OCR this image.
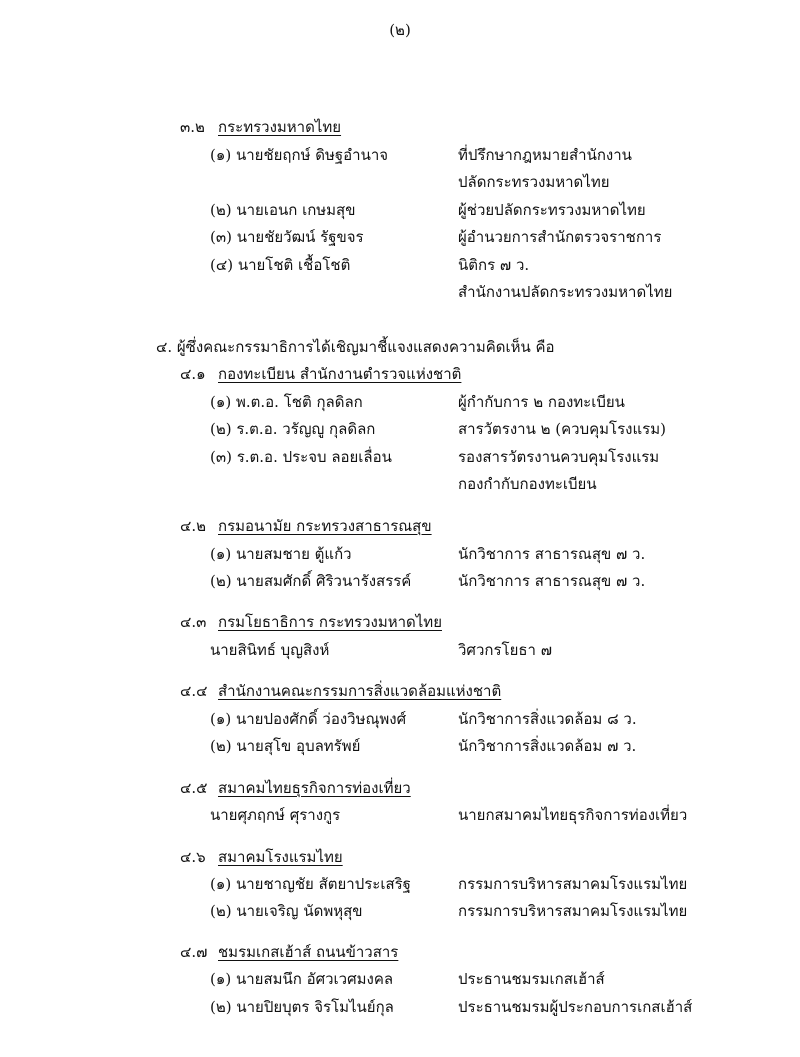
(๒)
๓.๒ กระทรวงมหาดไทย
(๑) นายชัยฤกษ์ ดิษฐอำนาจ	ที่ปรึกษากฎหมายสำนักงาน
ปลัดกระทรวงมหาดไทย
(๒) นายเอนก เกษมสุข	ผู้ช่วยปลัดกระทรวงมหาดไทย
(๓) นายชัยวัฒน์ รัฐขจร	ผู้อำนวยการสำนักตรวจราชการ
(๔) นายโชติ เชื้อโชติ	นิติกร ๗ ว.
สำนักงานปลัดกระทรวงมหาดไทย
๔. ผู้ซึ่งคณะกรรมาธิการได้เชิญมาชี้แจงแสดงความคิดเห็น คือ
๔.๑ กองทะเบียน สำนักงานตำรวจแห่งชาติ
(๑) พ.ต.อ. โชติ กุลดิลก	ผู้กำกับการ ๒ กองทะเบียน
(๒) ร.ต.อ. วรัญญู กุลดิลก	สารวัตรงาน ๒ (ควบคุมโรงแรม)
(๓) ร.ต.อ. ประจบ ลอยเลื่อน	รองสารวัตรงานควบคุมโรงแรม
กองกำกับกองทะเบียน
๔.๒ กรมอนามัย กระทรวงสาธารณสุข
(๑) นายสมชาย ตู้แก้ว	นักวิชาการ สาธารณสุข ๗ ว.
(๒) นายสมศักดิ์ ศิริวนารังสรรค์	นักวิชาการ สาธารณสุข ๗ ว.
๔.๓ กรมโยธาธิการ กระทรวงมหาดไทย
นายสินิทธ์ บุญสิงห์	วิศวกรโยธา ๗
๔.๔ สำนักงานคณะกรรมการสิ่งแวดล้อมแห่งชาติ
(๑) นายปองศักดิ์ ว่องวิษณุพงศ์	นักวิชาการสิ่งแวดล้อม ๘ ว.
(๒) นายสุโข อุบลทรัพย์	นักวิชาการสิ่งแวดล้อม ๗ ว.
๔.๕ สมาคมไทยธุรกิจการท่องเที่ยว
นายศุภฤกษ์ ศุรางกูร	นายกสมาคมไทยธุรกิจการท่องเที่ยว
๔.๖ สมาคมโรงแรมไทย
(๑) นายชาญชัย สัตยาประเสริฐ	กรรมการบริหารสมาคมโรงแรมไทย
(๒) นายเจริญ นัดพหุสุข	กรรมการบริหารสมาคมโรงแรมไทย
๔.๗ ชมรมเกสเฮ้าส์ ถนนข้าวสาร
(๑) นายสมนึก อัศวเวศมงคล	ประธานชมรมเกสเฮ้าส์
(๒) นายปิยบุตร จิรโมไนย์กุล	ประธานชมรมผู้ประกอบการเกสเฮ้าส์
